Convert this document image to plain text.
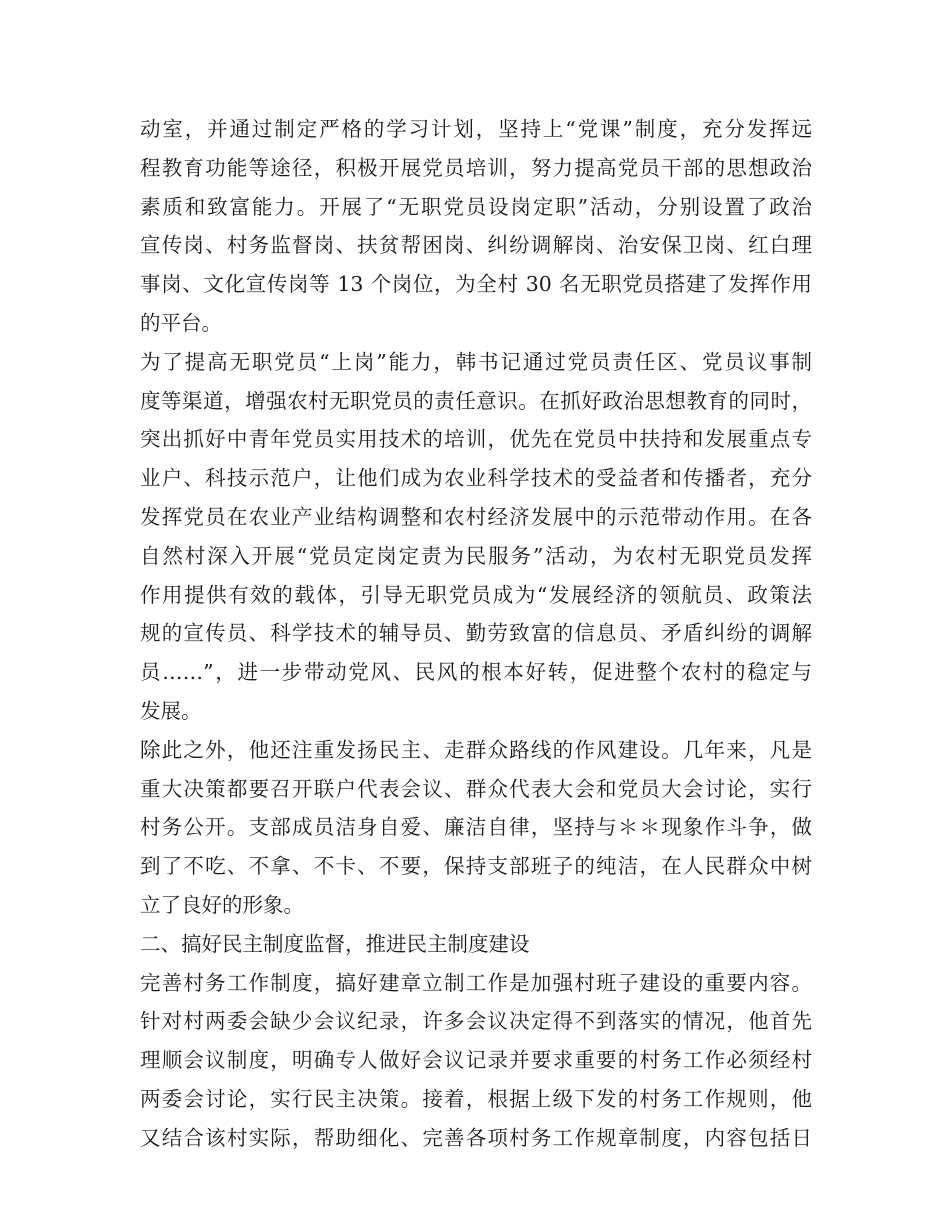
动室，并通过制定严格的学习计划，坚持上“党课”制度，充分发挥远
程教育功能等途径，积极开展党员培训，努力提高党员干部的思想政治
素质和致富能力。开展了“无职党员设岗定职”活动，分别设置了政治
宣传岗、村务监督岗、扶贫帮困岗、纠纷调解岗、治安保卫岗、红白理
事岗、文化宣传岗等 13 个岗位，为全村 30 名无职党员搭建了发挥作用
的平台。
为了提高无职党员“上岗”能力，韩书记通过党员责任区、党员议事制
度等渠道，增强农村无职党员的责任意识。在抓好政治思想教育的同时，
突出抓好中青年党员实用技术的培训，优先在党员中扶持和发展重点专
业户、科技示范户，让他们成为农业科学技术的受益者和传播者，充分
发挥党员在农业产业结构调整和农村经济发展中的示范带动作用。在各
自然村深入开展“党员定岗定责为民服务”活动，为农村无职党员发挥
作用提供有效的载体，引导无职党员成为“发展经济的领航员、政策法
规的宣传员、科学技术的辅导员、勤劳致富的信息员、矛盾纠纷的调解
员……”，进一步带动党风、民风的根本好转，促进整个农村的稳定与
发展。
除此之外，他还注重发扬民主、走群众路线的作风建设。几年来，凡是
重大决策都要召开联户代表会议、群众代表大会和党员大会讨论，实行
村务公开。支部成员洁身自爱、廉洁自律，坚持与＊＊现象作斗争，做
到了不吃、不拿、不卡、不要，保持支部班子的纯洁，在人民群众中树
立了良好的形象。
二、搞好民主制度监督，推进民主制度建设
完善村务工作制度，搞好建章立制工作是加强村班子建设的重要内容。
针对村两委会缺少会议纪录，许多会议决定得不到落实的情况，他首先
理顺会议制度，明确专人做好会议记录并要求重要的村务工作必须经村
两委会讨论，实行民主决策。接着，根据上级下发的村务工作规则，他
又结合该村实际，帮助细化、完善各项村务工作规章制度，内容包括日
